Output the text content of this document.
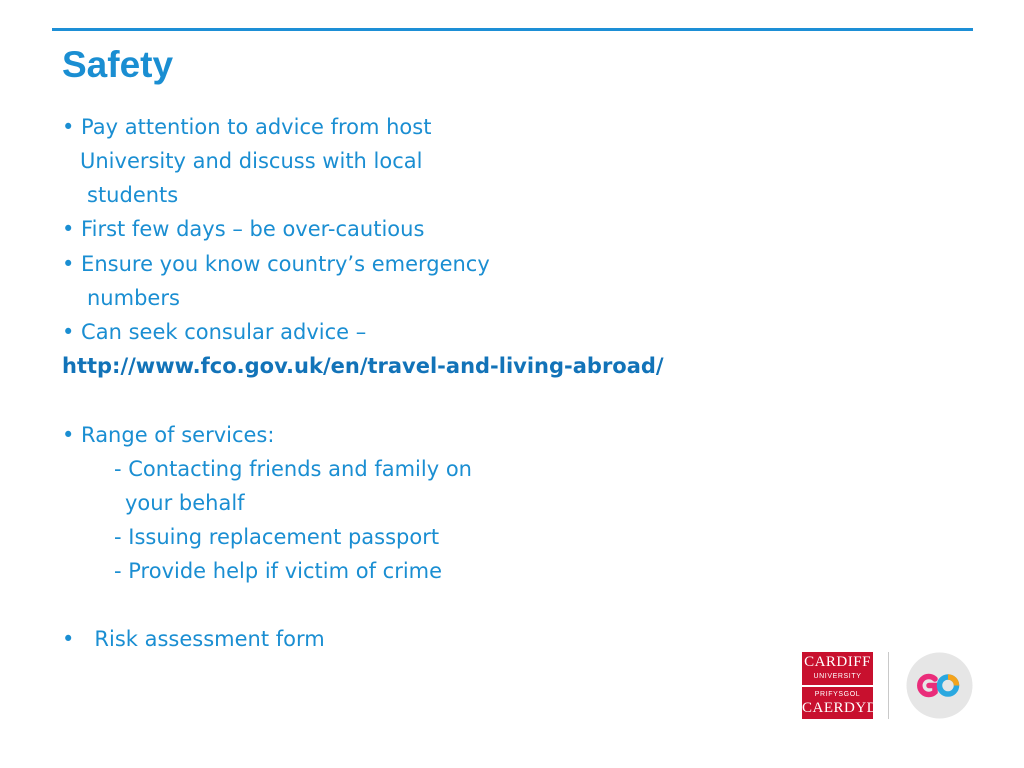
Safety
• Pay attention to advice from host
University and discuss with local
students
• First few days – be over-cautious
• Ensure you know country’s emergency
numbers
• Can seek consular advice –
http://www.fco.gov.uk/en/travel-and-living-abroad/
• Range of services:
- Contacting friends and family on
your behalf
- Issuing replacement passport
- Provide help if victim of crime
•   Risk assessment form
CARDIFF
UNIVERSITY
PRIFYSGOL
CAERDYD
GO
